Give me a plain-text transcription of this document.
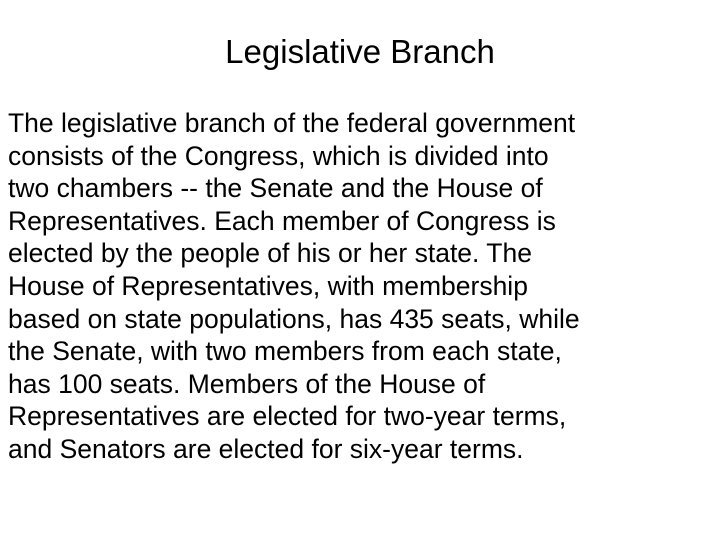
Legislative Branch
The legislative branch of the federal government
consists of the Congress, which is divided into
two chambers -- the Senate and the House of
Representatives. Each member of Congress is
elected by the people of his or her state. The
House of Representatives, with membership
based on state populations, has 435 seats, while
the Senate, with two members from each state,
has 100 seats. Members of the House of
Representatives are elected for two-year terms,
and Senators are elected for six-year terms.
